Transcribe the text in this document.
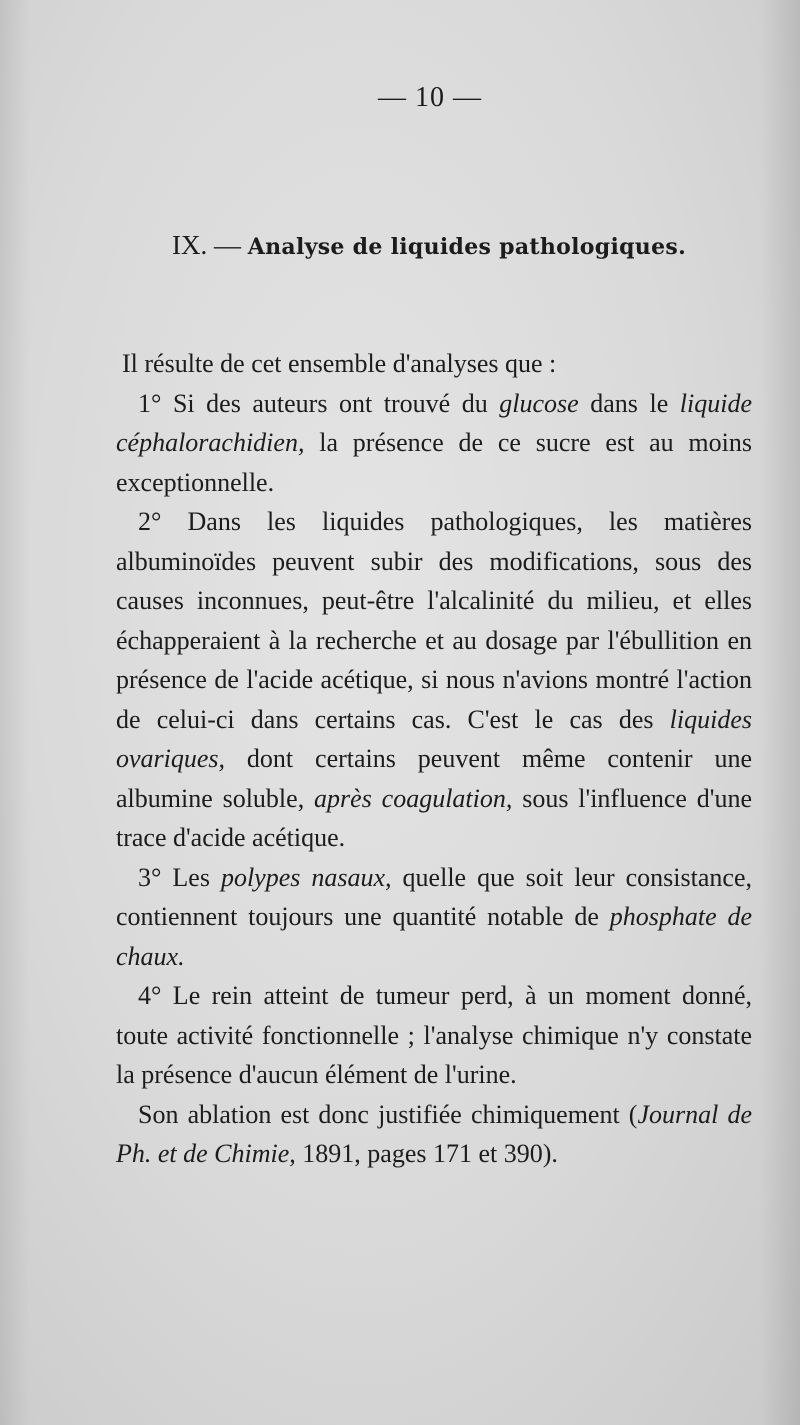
— 10 —
IX. — Analyse de liquides pathologiques.

Il résulte de cet ensemble d'analyses que :

1° Si des auteurs ont trouvé du glucose dans le liquide céphalorachidien, la présence de ce sucre est au moins exceptionnelle.

2° Dans les liquides pathologiques, les matières albuminoïdes peuvent subir des modifications, sous des causes inconnues, peut-être l'alcalinité du milieu, et elles échapperaient à la recherche et au dosage par l'ébullition en présence de l'acide acétique, si nous n'avions montré l'action de celui-ci dans certains cas. C'est le cas des liquides ovariques, dont certains peuvent même contenir une albumine soluble, après coagulation, sous l'influence d'une trace d'acide acétique.

3° Les polypes nasaux, quelle que soit leur consistance, contiennent toujours une quantité notable de phosphate de chaux.

4° Le rein atteint de tumeur perd, à un moment donné, toute activité fonctionnelle ; l'analyse chimique n'y constate la présence d'aucun élément de l'urine.

Son ablation est donc justifiée chimiquement (Journal de Ph. et de Chimie, 1891, pages 171 et 390).
